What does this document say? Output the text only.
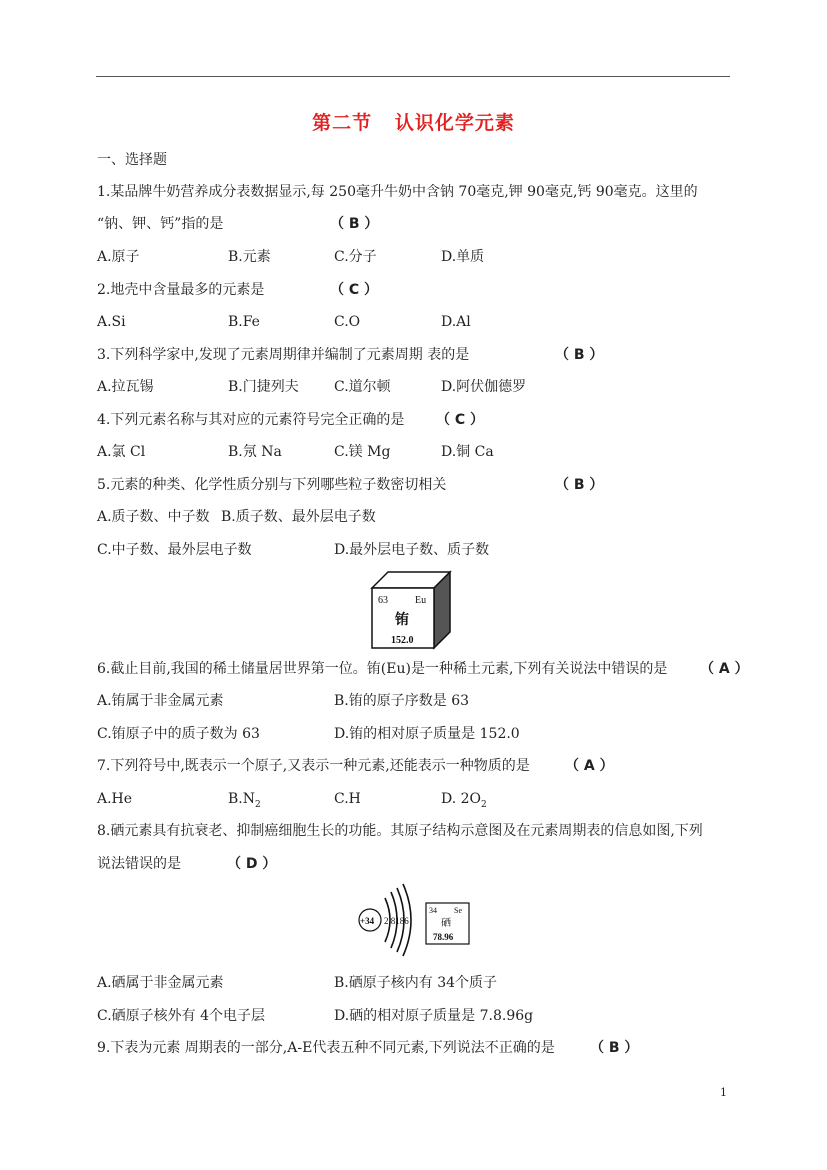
第二节   认识化学元素
一、选择题
1.某品牌牛奶营养成分表数据显示,每 250毫升牛奶中含钠 70毫克,钾 90毫克,钙 90毫克。这里的
“钠、钾、钙”指的是	（ B ）
A.原子	B.元素	C.分子	D.单质
2.地壳中含量最多的元素是	（ C ）
A.Si	B.Fe	C.O	D.Al
3.下列科学家中,发现了元素周期律并编制了元素周期 表的是	（ B ）
A.拉瓦锡	B.门捷列夫	C.道尔顿	D.阿伏伽德罗
4.下列元素名称与其对应的元素符号完全正确的是 （ C ）
A.氯 Cl	B.氖 Na	C.镁 Mg	D.铜 Ca
5.元素的种类、化学性质分别与下列哪些粒子数密切相关	（ B ）
A.质子数、中子数 B.质子数、最外层电子数
C.中子数、最外层电子数	D.最外层电子数、质子数
63	Eu
铕
152.0
6.截止目前,我国的稀土储量居世界第一位。铕(Eu)是一种稀土元素,下列有关说法中错误的是 （ A ）
A.铕属于非金属元素	B.铕的原子序数是 63
C.铕原子中的质子数为 63	D.铕的相对原子质量是 152.0
7.下列符号中,既表示一个原子,又表示一种元素,还能表示一种物质的是	（ A ）
A.He	$B.N_2$	C.H	D. $2O_2$
8.硒元素具有抗衰老、抑制癌细胞生长的功能。其原子结构示意图及在元素周期表的信息如图,下列
说法错误的是	（ D ）
+34 2 8186
34 Se
硒
78.96
A.硒属于非金属元素	B.硒原子核内有 34个质子
C.硒原子核外有 4个电子层	D.硒的相对原子质量是 7.8.96g
9.下表为元素 周期表的一部分,A-E代表五种不同元素,下列说法不正确的是	（ B ）
1
